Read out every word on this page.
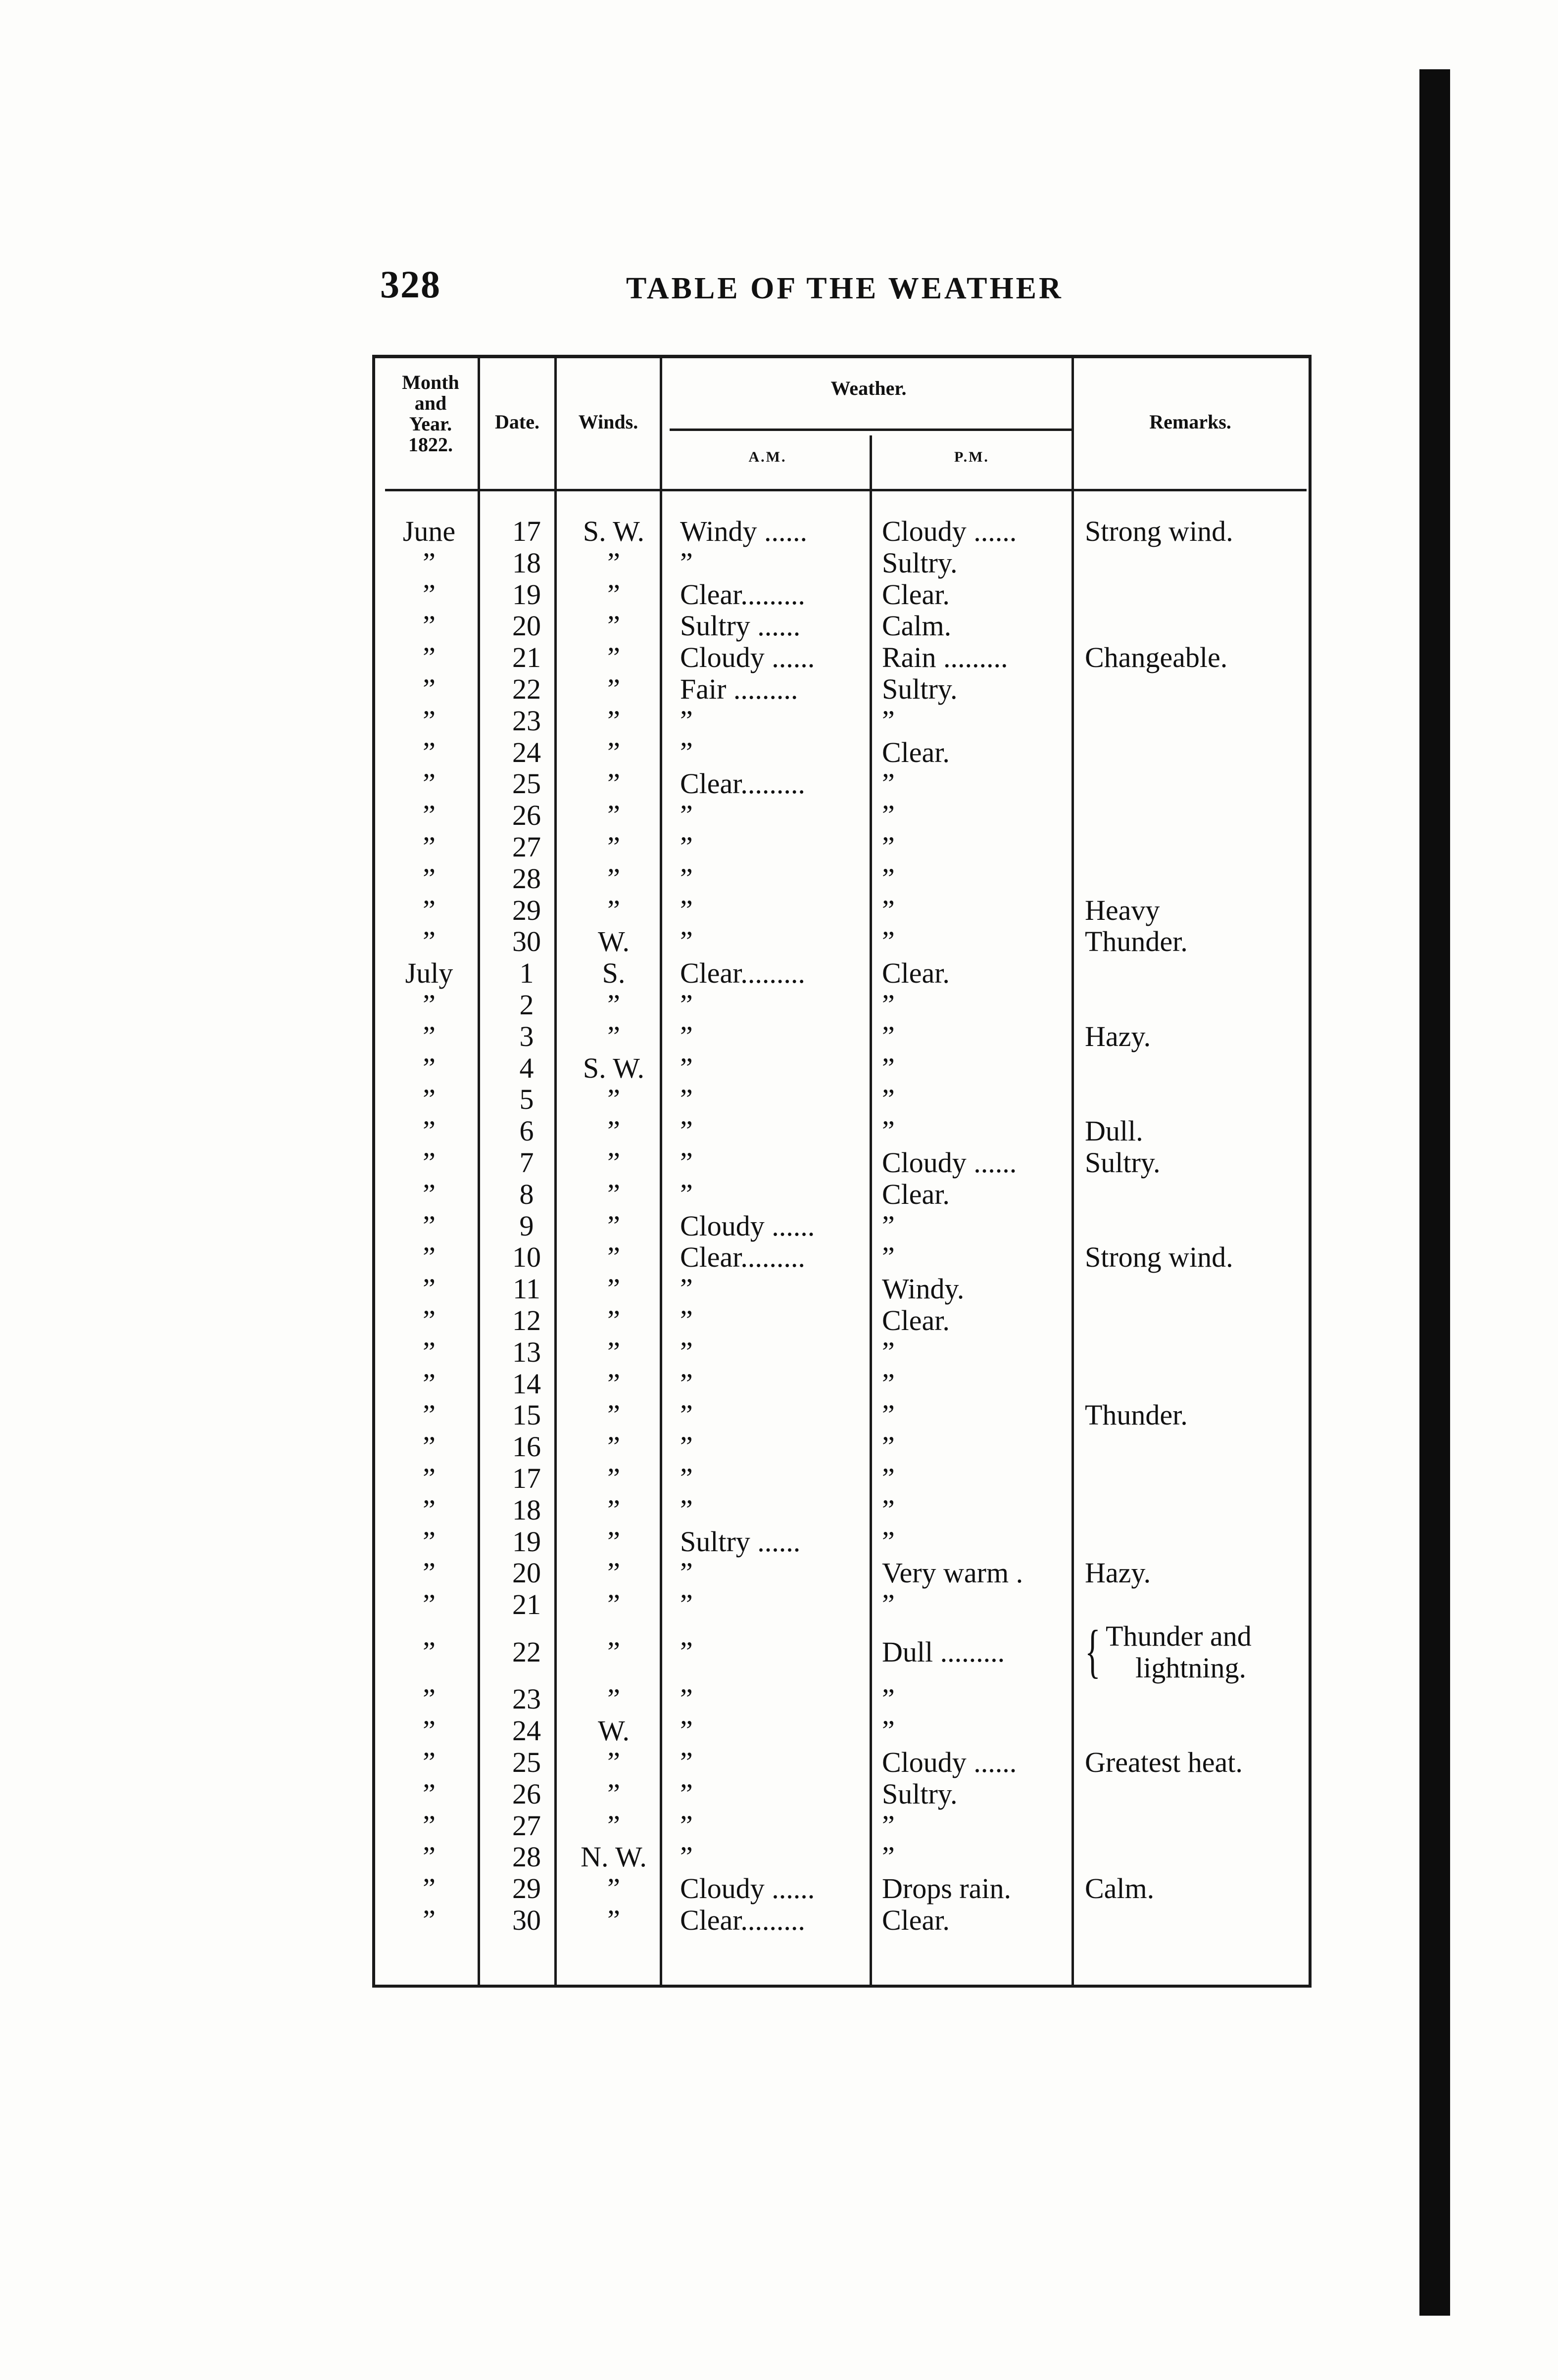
328	TABLE OF THE WEATHER
Month
and
Year.
1822.
Date.	Winds.
Weather.
A.M.	P.M.
Remarks.
June	17	S. W.	Windy ......	Cloudy ......	Strong wind.
”	18	”	”	Sultry.
”	19	”	Clear.........	Clear.
”	20	”	Sultry ......	Calm.
”	21	”	Cloudy ......	Rain .........	Changeable.
”	22	”	Fair .........	Sultry.
”	23	”	”	”
”	24	”	”	Clear.
”	25	”	Clear.........	”
”	26	”	”	”
”	27	”	”	”
”	28	”	”	”
”	29	”	”	”	Heavy
”	30	W.	”	”	Thunder.
July	1	S.	Clear.........	Clear.
”	2	”	”	”
”	3	”	”	”	Hazy.
”	4	S. W.	”	”
”	5	”	”	”
”	6	”	”	”	Dull.
”	7	”	”	Cloudy ......	Sultry.
”	8	”	”	Clear.
”	9	”	Cloudy ......	”
”	10	”	Clear.........	”	Strong wind.
”	11	”	”	Windy.
”	12	”	”	Clear.
”	13	”	”	”
”	14	”	”	”
”	15	”	”	”	Thunder.
”	16	”	”	”
”	17	”	”	”
”	18	”	”	”
”	19	”	Sultry ......	”
”	20	”	”	Very warm .	Hazy.
”	21	”	”	”
”	22	”	”	Dull .........	{ Thunder and
lightning.
”	23	”	”	”
”	24	W.	”	”
”	25	”	”	Cloudy ......	Greatest heat.
”	26	”	”	Sultry.
”	27	”	”	”
”	28	N. W.	”	”
”	29	”	Cloudy ......	Drops rain.	Calm.
”	30	”	Clear.........	Clear.
